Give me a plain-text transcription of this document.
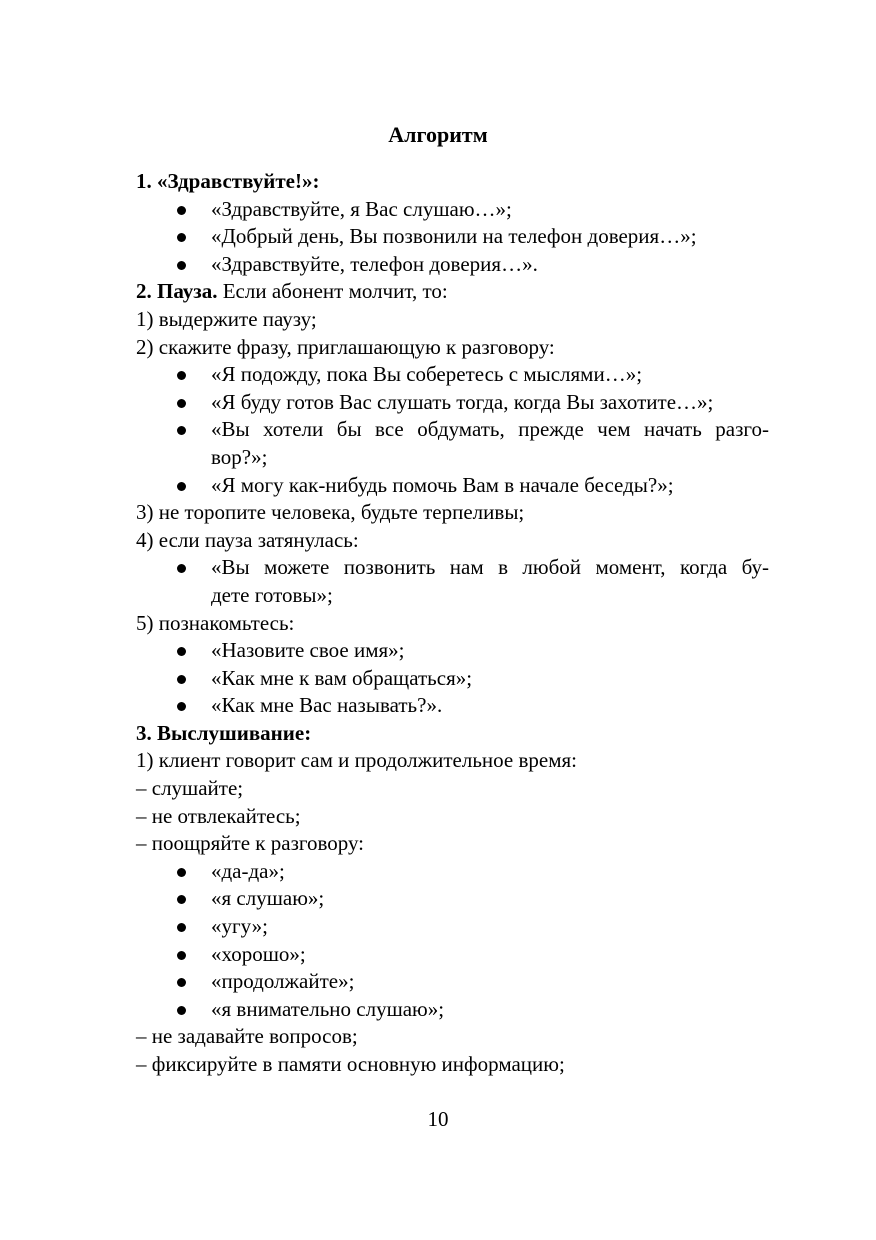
Алгоритм
1. «Здравствуйте!»:
«Здравствуйте, я Вас слушаю…»;
«Добрый день, Вы позвонили на телефон доверия…»;
«Здравствуйте, телефон доверия…».
2. Пауза. Если абонент молчит, то:
1) выдержите паузу;
2) скажите фразу, приглашающую к разговору:
«Я подожду, пока Вы соберетесь с мыслями…»;
«Я буду готов Вас слушать тогда, когда Вы захотите…»;
«Вы хотели бы все обдумать, прежде чем начать разго-
вор?»;
«Я могу как-нибудь помочь Вам в начале беседы?»;
3) не торопите человека, будьте терпеливы;
4) если пауза затянулась:
«Вы можете позвонить нам в любой момент, когда бу-
дете готовы»;
5) познакомьтесь:
«Назовите свое имя»;
«Как мне к вам обращаться»;
«Как мне Вас называть?».
3. Выслушивание:
1) клиент говорит сам и продолжительное время:
– слушайте;
– не отвлекайтесь;
– поощряйте к разговору:
«да-да»;
«я слушаю»;
«угу»;
«хорошо»;
«продолжайте»;
«я внимательно слушаю»;
– не задавайте вопросов;
– фиксируйте в памяти основную информацию;
10
